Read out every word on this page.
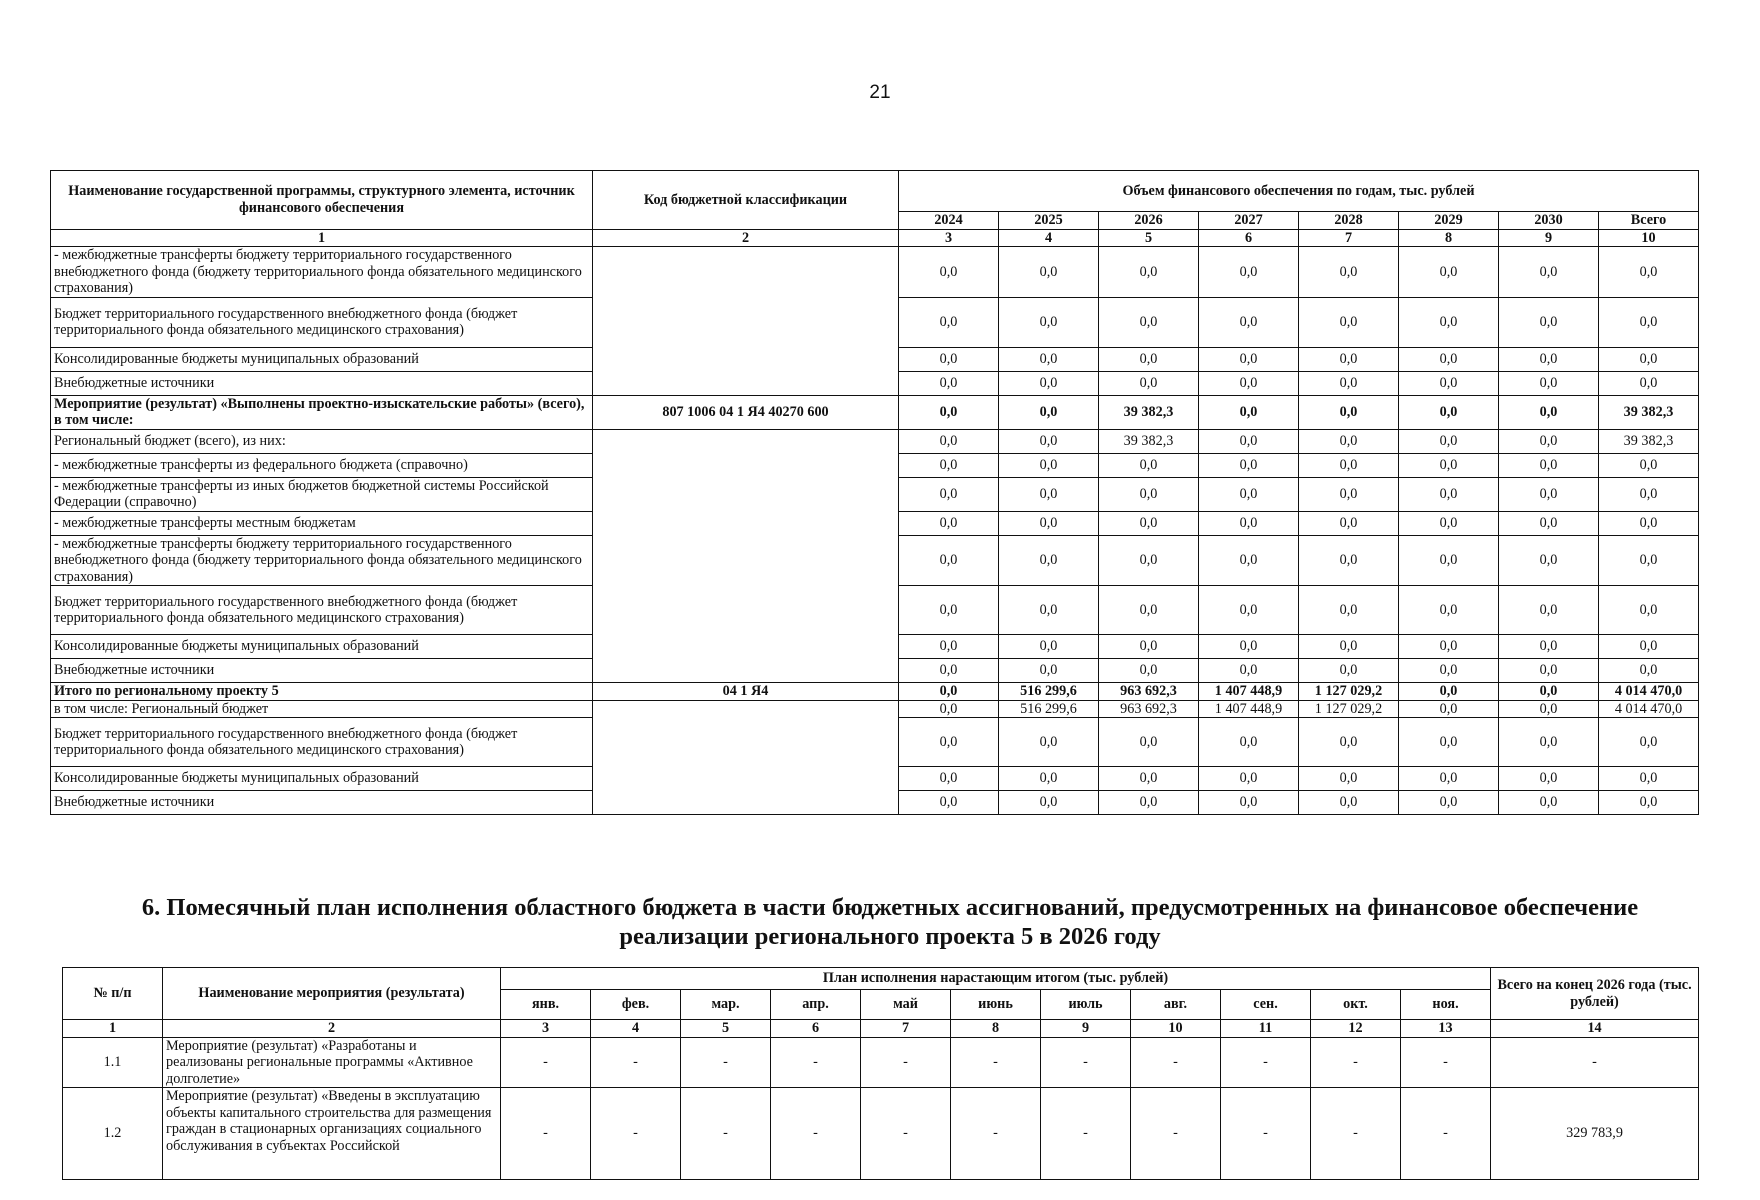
21
Наименование государственной программы, структурного элемента, источник финансового обеспечения	Код бюджетной классификации	Объем финансового обеспечения по годам, тыс. рублей							
		2024	2025	2026	2027	2028	2029	2030	Всего
1	2	3	4	5	6	7	8	9	10
- межбюджетные трансферты бюджету территориального государственного внебюджетного фонда (бюджету территориального фонда обязательного медицинского страхования)		0,0	0,0	0,0	0,0	0,0	0,0	0,0	0,0
Бюджет территориального государственного внебюджетного фонда (бюджет территориального фонда обязательного медицинского страхования)		0,0	0,0	0,0	0,0	0,0	0,0	0,0	0,0
Консолидированные бюджеты муниципальных образований		0,0	0,0	0,0	0,0	0,0	0,0	0,0	0,0
Внебюджетные источники		0,0	0,0	0,0	0,0	0,0	0,0	0,0	0,0
Мероприятие (результат) «Выполнены проектно-изыскательские работы» (всего), в том числе:	807 1006 04 1 Я4 40270 600	0,0	0,0	39 382,3	0,0	0,0	0,0	0,0	39 382,3
Региональный бюджет (всего), из них:		0,0	0,0	39 382,3	0,0	0,0	0,0	0,0	39 382,3
- межбюджетные трансферты из федерального бюджета (справочно)		0,0	0,0	0,0	0,0	0,0	0,0	0,0	0,0
- межбюджетные трансферты из иных бюджетов бюджетной системы Российской Федерации (справочно)		0,0	0,0	0,0	0,0	0,0	0,0	0,0	0,0
- межбюджетные трансферты местным бюджетам		0,0	0,0	0,0	0,0	0,0	0,0	0,0	0,0
- межбюджетные трансферты бюджету территориального государственного внебюджетного фонда (бюджету территориального фонда обязательного медицинского страхования)		0,0	0,0	0,0	0,0	0,0	0,0	0,0	0,0
Бюджет территориального государственного внебюджетного фонда (бюджет территориального фонда обязательного медицинского страхования)		0,0	0,0	0,0	0,0	0,0	0,0	0,0	0,0
Консолидированные бюджеты муниципальных образований		0,0	0,0	0,0	0,0	0,0	0,0	0,0	0,0
Внебюджетные источники		0,0	0,0	0,0	0,0	0,0	0,0	0,0	0,0
Итого по региональному проекту 5	04 1 Я4	0,0	516 299,6	963 692,3	1 407 448,9	1 127 029,2	0,0	0,0	4 014 470,0
в том числе: Региональный бюджет		0,0	516 299,6	963 692,3	1 407 448,9	1 127 029,2	0,0	0,0	4 014 470,0
Бюджет территориального государственного внебюджетного фонда (бюджет территориального фонда обязательного медицинского страхования)		0,0	0,0	0,0	0,0	0,0	0,0	0,0	0,0
Консолидированные бюджеты муниципальных образований		0,0	0,0	0,0	0,0	0,0	0,0	0,0	0,0
Внебюджетные источники		0,0	0,0	0,0	0,0	0,0	0,0	0,0	0,0
6. Помесячный план исполнения областного бюджета в части бюджетных ассигнований, предусмотренных на финансовое обеспечение реализации регионального проекта 5 в 2026 году
№ п/п	Наименование мероприятия (результата)	План исполнения нарастающим итогом (тыс. рублей)											Всего на конец 2026 года (тыс. рублей)
		янв.	фев.	мар.	апр.	май	июнь	июль	авг.	сен.	окт.	ноя.	
1	2	3	4	5	6	7	8	9	10	11	12	13	14
1.1	Мероприятие (результат) «Разработаны и реализованы региональные программы «Активное долголетие»	-	-	-	-	-	-	-	-	-	-	-	-
1.2	Мероприятие (результат) «Введены в эксплуатацию объекты капитального строительства для размещения граждан в стационарных организациях социального обслуживания в субъектах Российской	-	-	-	-	-	-	-	-	-	-	-	329 783,9
